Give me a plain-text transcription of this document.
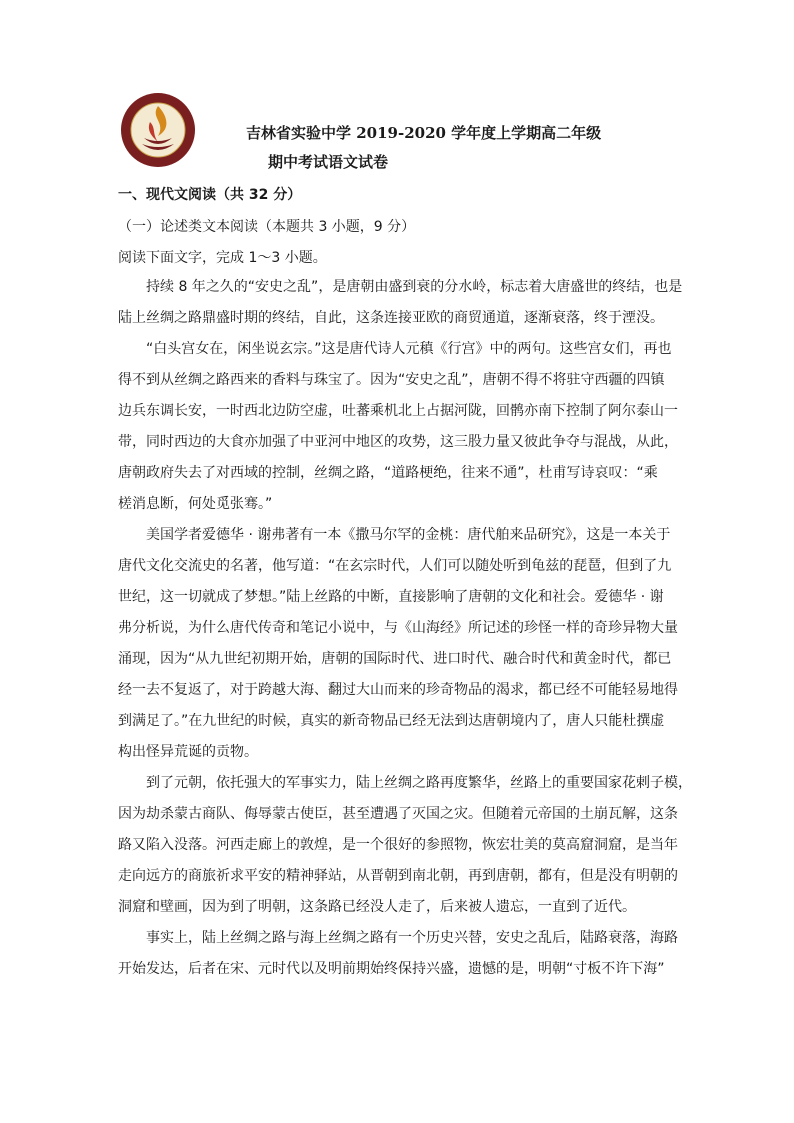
吉林省实验中学 2019-2020 学年度上学期高二年级
期中考试语文试卷
一、现代文阅读（共 32 分）
（一）论述类文本阅读（本题共 3 小题，9 分）
阅读下面文字，完成 1～3 小题。

持续 8 年之久的“安史之乱”，是唐朝由盛到衰的分水岭，标志着大唐盛世的终结，也是
陆上丝绸之路鼎盛时期的终结，自此，这条连接亚欧的商贸通道，逐渐衰落，终于湮没。

“白头宫女在，闲坐说玄宗。”这是唐代诗人元稹《行宫》中的两句。这些宫女们，再也
得不到从丝绸之路西来的香料与珠宝了。因为“安史之乱”，唐朝不得不将驻守西疆的四镇
边兵东调长安，一时西北边防空虚，吐蕃乘机北上占据河陇，回鹘亦南下控制了阿尔泰山一
带，同时西边的大食亦加强了中亚河中地区的攻势，这三股力量又彼此争夺与混战，从此，
唐朝政府失去了对西域的控制，丝绸之路，“道路梗绝，往来不通”，杜甫写诗哀叹：“乘
槎消息断，何处觅张骞。”

美国学者爱德华 · 谢弗著有一本《撒马尔罕的金桃：唐代舶来品研究》，这是一本关于
唐代文化交流史的名著，他写道：“在玄宗时代，人们可以随处听到龟兹的琵琶，但到了九
世纪，这一切就成了梦想。”陆上丝路的中断，直接影响了唐朝的文化和社会。爱德华 · 谢
弗分析说，为什么唐代传奇和笔记小说中，与《山海经》所记述的珍怪一样的奇珍异物大量
涌现，因为“从九世纪初期开始，唐朝的国际时代、进口时代、融合时代和黄金时代，都已
经一去不复返了，对于跨越大海、翻过大山而来的珍奇物品的渴求，都已经不可能轻易地得
到满足了。”在九世纪的时候，真实的新奇物品已经无法到达唐朝境内了，唐人只能杜撰虚
构出怪异荒诞的贡物。

到了元朝，依托强大的军事实力，陆上丝绸之路再度繁华，丝路上的重要国家花剌子模，
因为劫杀蒙古商队、侮辱蒙古使臣，甚至遭遇了灭国之灾。但随着元帝国的土崩瓦解，这条
路又陷入没落。河西走廊上的敦煌，是一个很好的参照物，恢宏壮美的莫高窟洞窟，是当年
走向远方的商旅祈求平安的精神驿站，从晋朝到南北朝，再到唐朝，都有，但是没有明朝的
洞窟和壁画，因为到了明朝，这条路已经没人走了，后来被人遗忘，一直到了近代。

事实上，陆上丝绸之路与海上丝绸之路有一个历史兴替，安史之乱后，陆路衰落，海路
开始发达，后者在宋、元时代以及明前期始终保持兴盛，遗憾的是，明朝“寸板不许下海”
